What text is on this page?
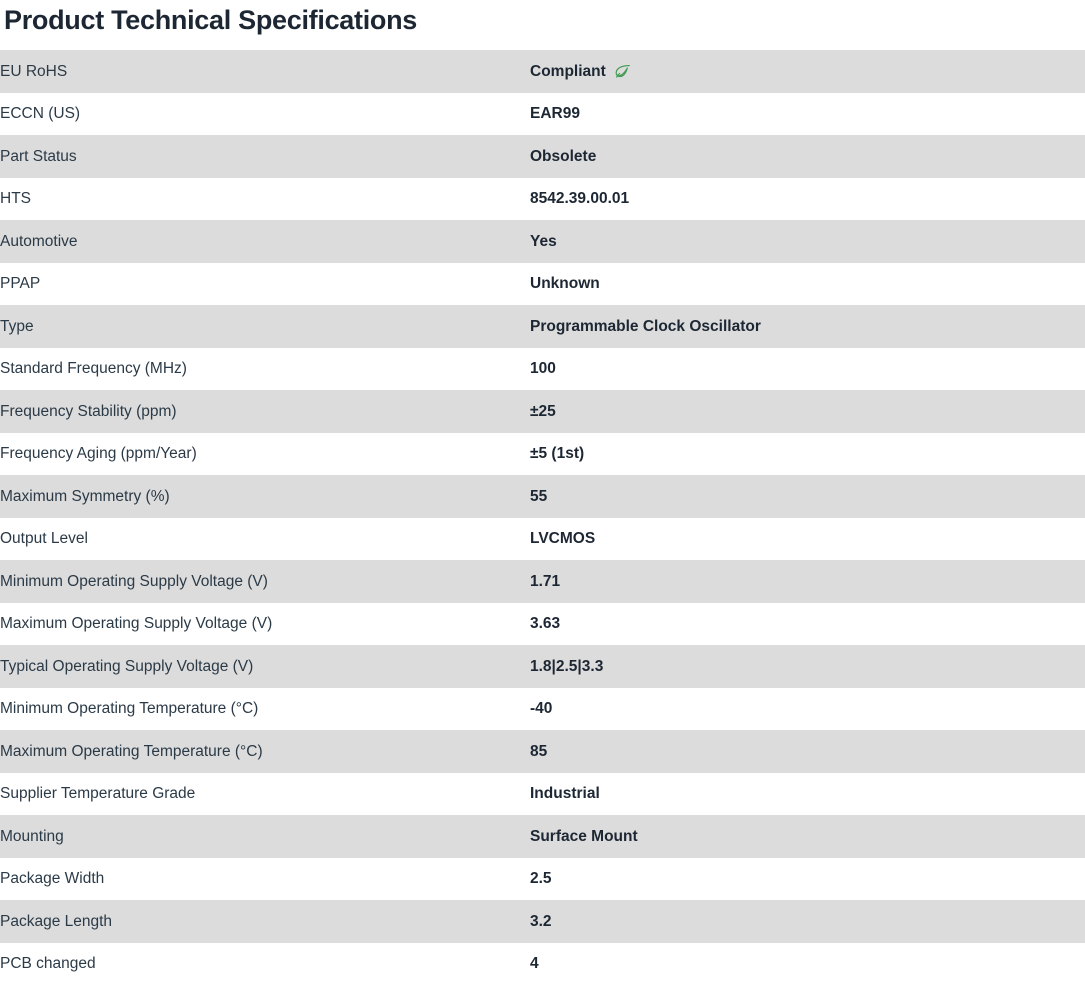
Product Technical Specifications
EU RoHS	Compliant

ECCN (US)	EAR99

Part Status	Obsolete

HTS	8542.39.00.01

Automotive	Yes

PPAP	Unknown

Type	Programmable Clock Oscillator

Standard Frequency (MHz)	100

Frequency Stability (ppm)	±25

Frequency Aging (ppm/Year)	±5 (1st)

Maximum Symmetry (%)	55

Output Level	LVCMOS

Minimum Operating Supply Voltage (V)	1.71

Maximum Operating Supply Voltage (V)	3.63

Typical Operating Supply Voltage (V)	1.8|2.5|3.3

Minimum Operating Temperature (°C)	-40

Maximum Operating Temperature (°C)	85

Supplier Temperature Grade	Industrial

Mounting	Surface Mount

Package Width	2.5

Package Length	3.2

PCB changed	4
